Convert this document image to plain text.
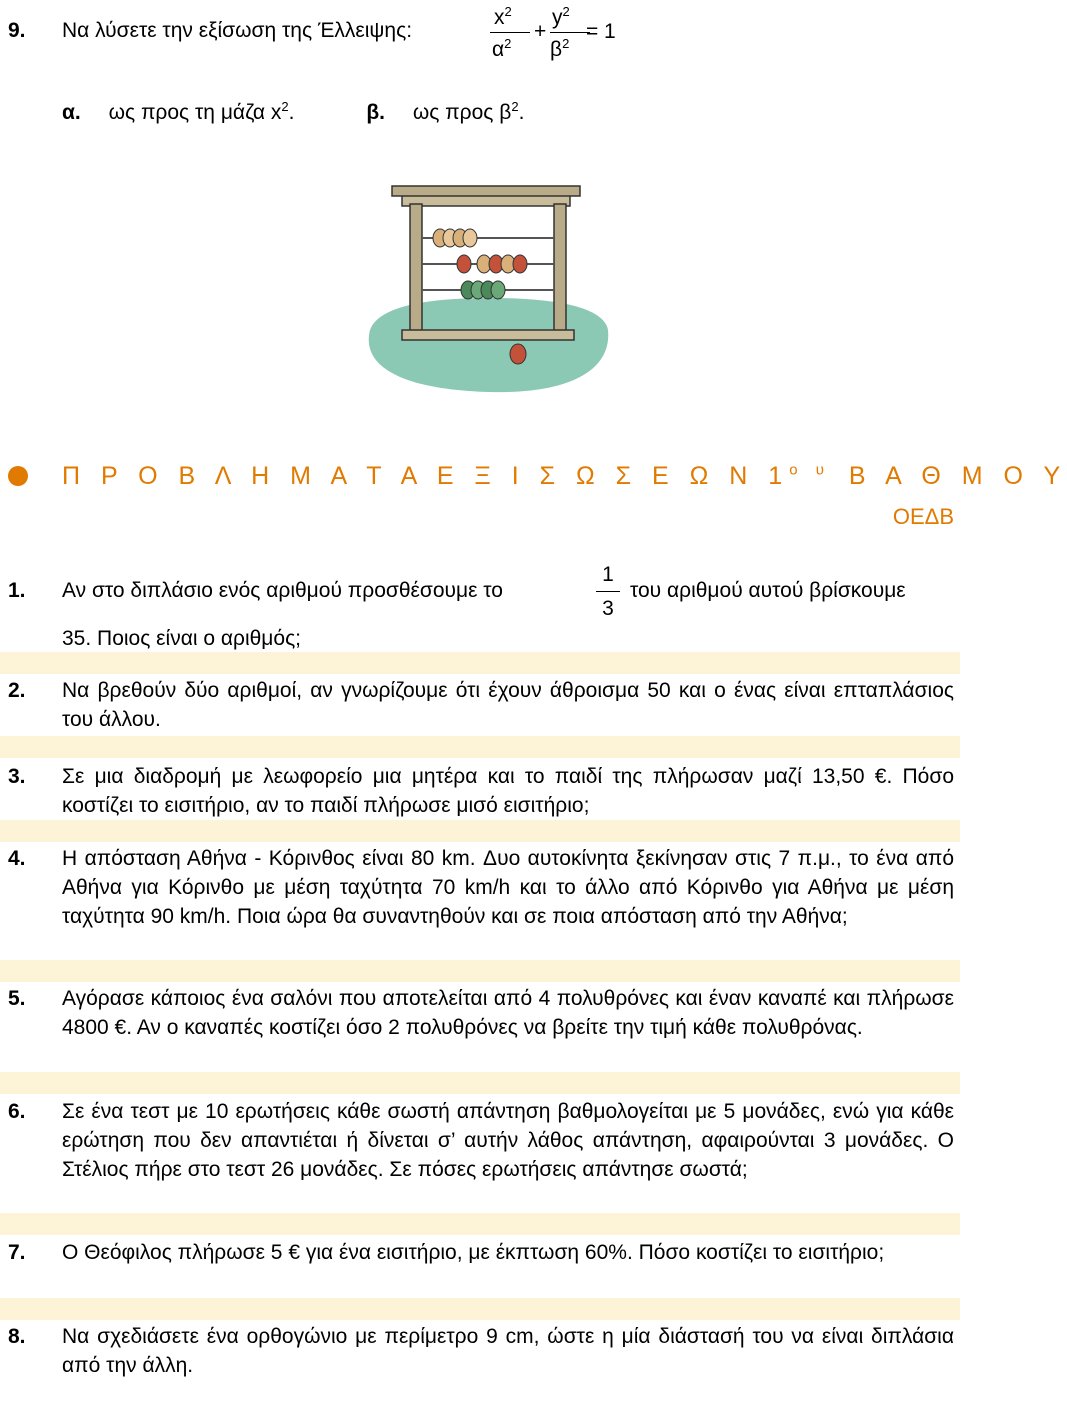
9. Να λύσετε την εξίσωση της Έλλειψης:
$x^2$
$\alpha^2$
+
$y^2$
$\beta^2$
= 1
α. ως προς τη μάζα $x^2$.	β. ως προς $\beta^2$.
Π Ρ Ο Β Λ Η Μ Α Τ Α Ε Ξ Ι Σ Ω Σ Ε Ω Ν $1^{o \upsilon}$ Β Α Θ Μ Ο Υ
ΟΕΔΒ
1. Αν στο διπλάσιο ενός αριθμού προσθέσουμε το
1
3
του αριθμού αυτού βρίσκουμε
35. Ποιος είναι ο αριθμός;
2. Να βρεθούν δύο αριθμοί, αν γνωρίζουμε ότι έχουν άθροισμα 50 και ο ένας είναι επταπλάσιος του άλλου.
3. Σε μια διαδρομή με λεωφορείο μια μητέρα και το παιδί της πλήρωσαν μαζί 13,50 €. Πόσο κοστίζει το εισιτήριο, αν το παιδί πλήρωσε μισό εισιτήριο;
4. Η απόσταση Αθήνα - Κόρινθος είναι 80 km. Δυο αυτοκίνητα ξεκίνησαν στις 7 π.μ., το ένα από Αθήνα για Κόρινθο με μέση ταχύτητα 70 km/h και το άλλο από Κόρινθο για Αθήνα με μέση ταχύτητα 90 km/h. Ποια ώρα θα συναντηθούν και σε ποια απόσταση από την Αθήνα;
5. Αγόρασε κάποιος ένα σαλόνι που αποτελείται από 4 πολυθρόνες και έναν καναπέ και πλήρωσε 4800 €. Αν ο καναπές κοστίζει όσο 2 πολυθρόνες να βρείτε την τιμή κάθε πολυθρόνας.
6. Σε ένα τεστ με 10 ερωτήσεις κάθε σωστή απάντηση βαθμολογείται με 5 μονάδες, ενώ για κάθε ερώτηση που δεν απαντιέται ή δίνεται σ’ αυτήν λάθος απάντηση, αφαιρούνται 3 μονάδες. Ο Στέλιος πήρε στο τεστ 26 μονάδες. Σε πόσες ερωτήσεις απάντησε σωστά;
7. Ο Θεόφιλος πλήρωσε 5 € για ένα εισιτήριο, με έκπτωση 60%. Πόσο κοστίζει το εισιτήριο;
8. Να σχεδιάσετε ένα ορθογώνιο με περίμετρο 9 cm, ώστε η μία διάστασή του να είναι διπλάσια από την άλλη.
